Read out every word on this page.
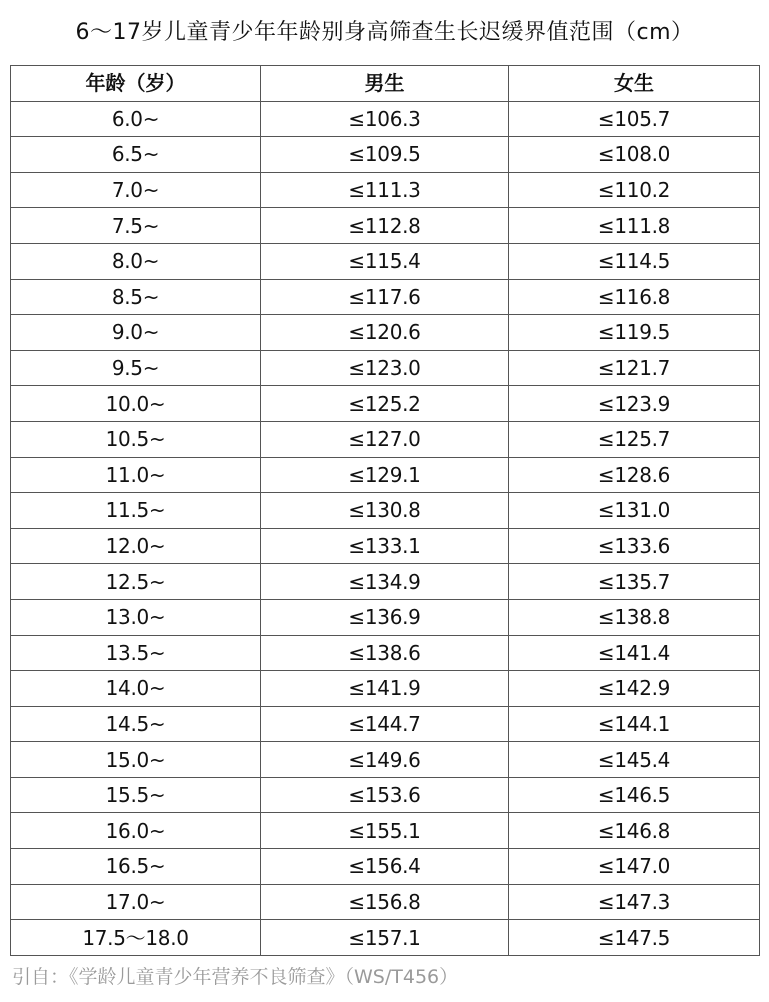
6～17岁儿童青少年年龄别身高筛查生长迟缓界值范围（cm）
年龄（岁）	男生	女生
6.0~	≤106.3	≤105.7
6.5~	≤109.5	≤108.0
7.0~	≤111.3	≤110.2
7.5~	≤112.8	≤111.8
8.0~	≤115.4	≤114.5
8.5~	≤117.6	≤116.8
9.0~	≤120.6	≤119.5
9.5~	≤123.0	≤121.7
10.0~	≤125.2	≤123.9
10.5~	≤127.0	≤125.7
11.0~	≤129.1	≤128.6
11.5~	≤130.8	≤131.0
12.0~	≤133.1	≤133.6
12.5~	≤134.9	≤135.7
13.0~	≤136.9	≤138.8
13.5~	≤138.6	≤141.4
14.0~	≤141.9	≤142.9
14.5~	≤144.7	≤144.1
15.0~	≤149.6	≤145.4
15.5~	≤153.6	≤146.5
16.0~	≤155.1	≤146.8
16.5~	≤156.4	≤147.0
17.0~	≤156.8	≤147.3
17.5～18.0	≤157.1	≤147.5
引自：《学龄儿童青少年营养不良筛查》（WS/T456）
